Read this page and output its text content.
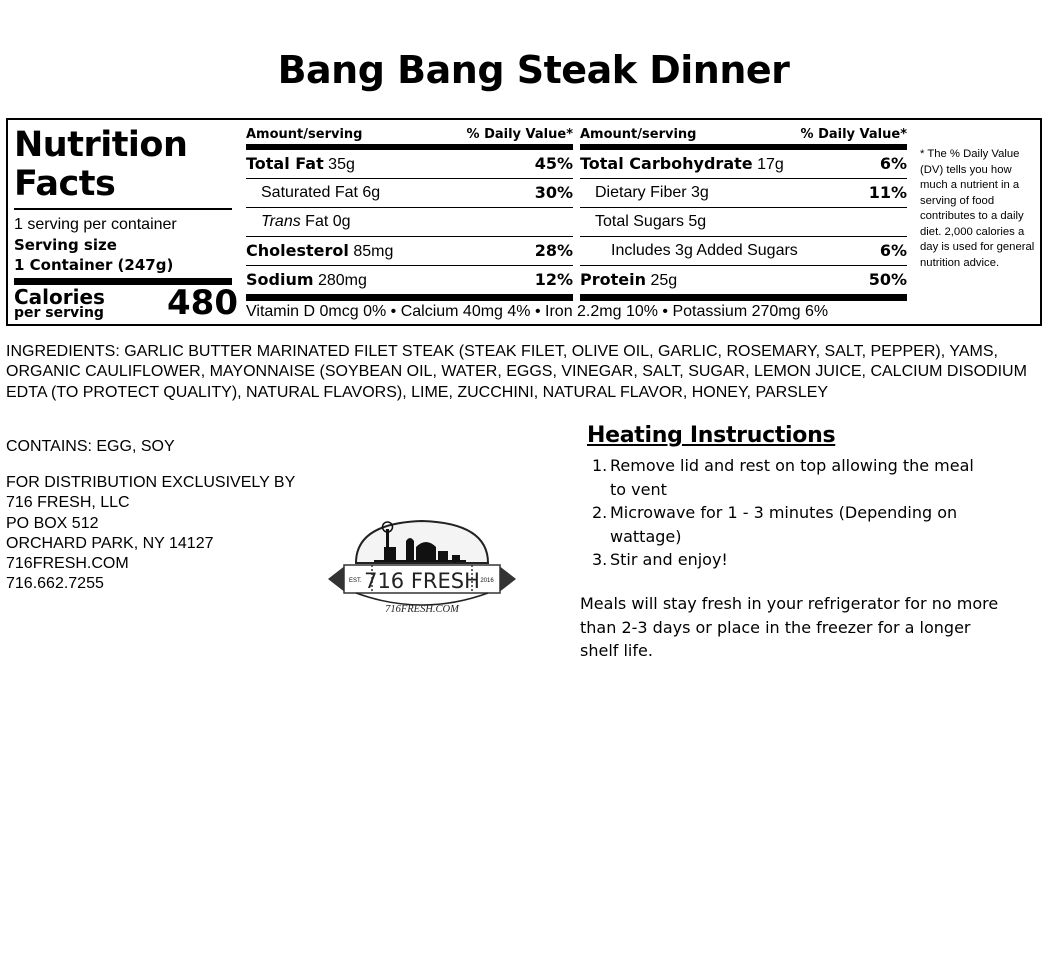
Bang Bang Steak Dinner
Nutrition Facts
1 serving per container
Serving size
1 Container (247g)
Calories
per serving 480
Amount/serving	% Daily Value*
Total Fat 35g	45%
Saturated Fat 6g	30%
Trans Fat 0g
Cholesterol 85mg	28%
Sodium 280mg	12%
Amount/serving	% Daily Value*
Total Carbohydrate 17g	6%
Dietary Fiber 3g	11%
Total Sugars 5g
Includes 3g Added Sugars	6%
Protein 25g	50%
Vitamin D 0mcg 0% • Calcium 40mg 4% • Iron 2.2mg 10% • Potassium 270mg 6%
* The % Daily Value (DV) tells you how much a nutrient in a serving of food contributes to a daily diet. 2,000 calories a day is used for general nutrition advice.
INGREDIENTS: GARLIC BUTTER MARINATED FILET STEAK (STEAK FILET, OLIVE OIL, GARLIC, ROSEMARY, SALT, PEPPER), YAMS, ORGANIC CAULIFLOWER, MAYONNAISE (SOYBEAN OIL, WATER, EGGS, VINEGAR, SALT, SUGAR, LEMON JUICE, CALCIUM DISODIUM EDTA (TO PROTECT QUALITY), NATURAL FLAVORS), LIME, ZUCCHINI, NATURAL FLAVOR, HONEY, PARSLEY
CONTAINS: EGG, SOY
FOR DISTRIBUTION EXCLUSIVELY BY
716 FRESH, LLC
PO BOX 512
ORCHARD PARK, NY 14127
716FRESH.COM
716.662.7255	EST. 716 FRESH 2016
716FRESH.COM
Heating Instructions
1. Remove lid and rest on top allowing the meal to vent
2. Microwave for 1 - 3 minutes (Depending on wattage)
3. Stir and enjoy!
Meals will stay fresh in your refrigerator for no more than 2-3 days or place in the freezer for a longer shelf life.
